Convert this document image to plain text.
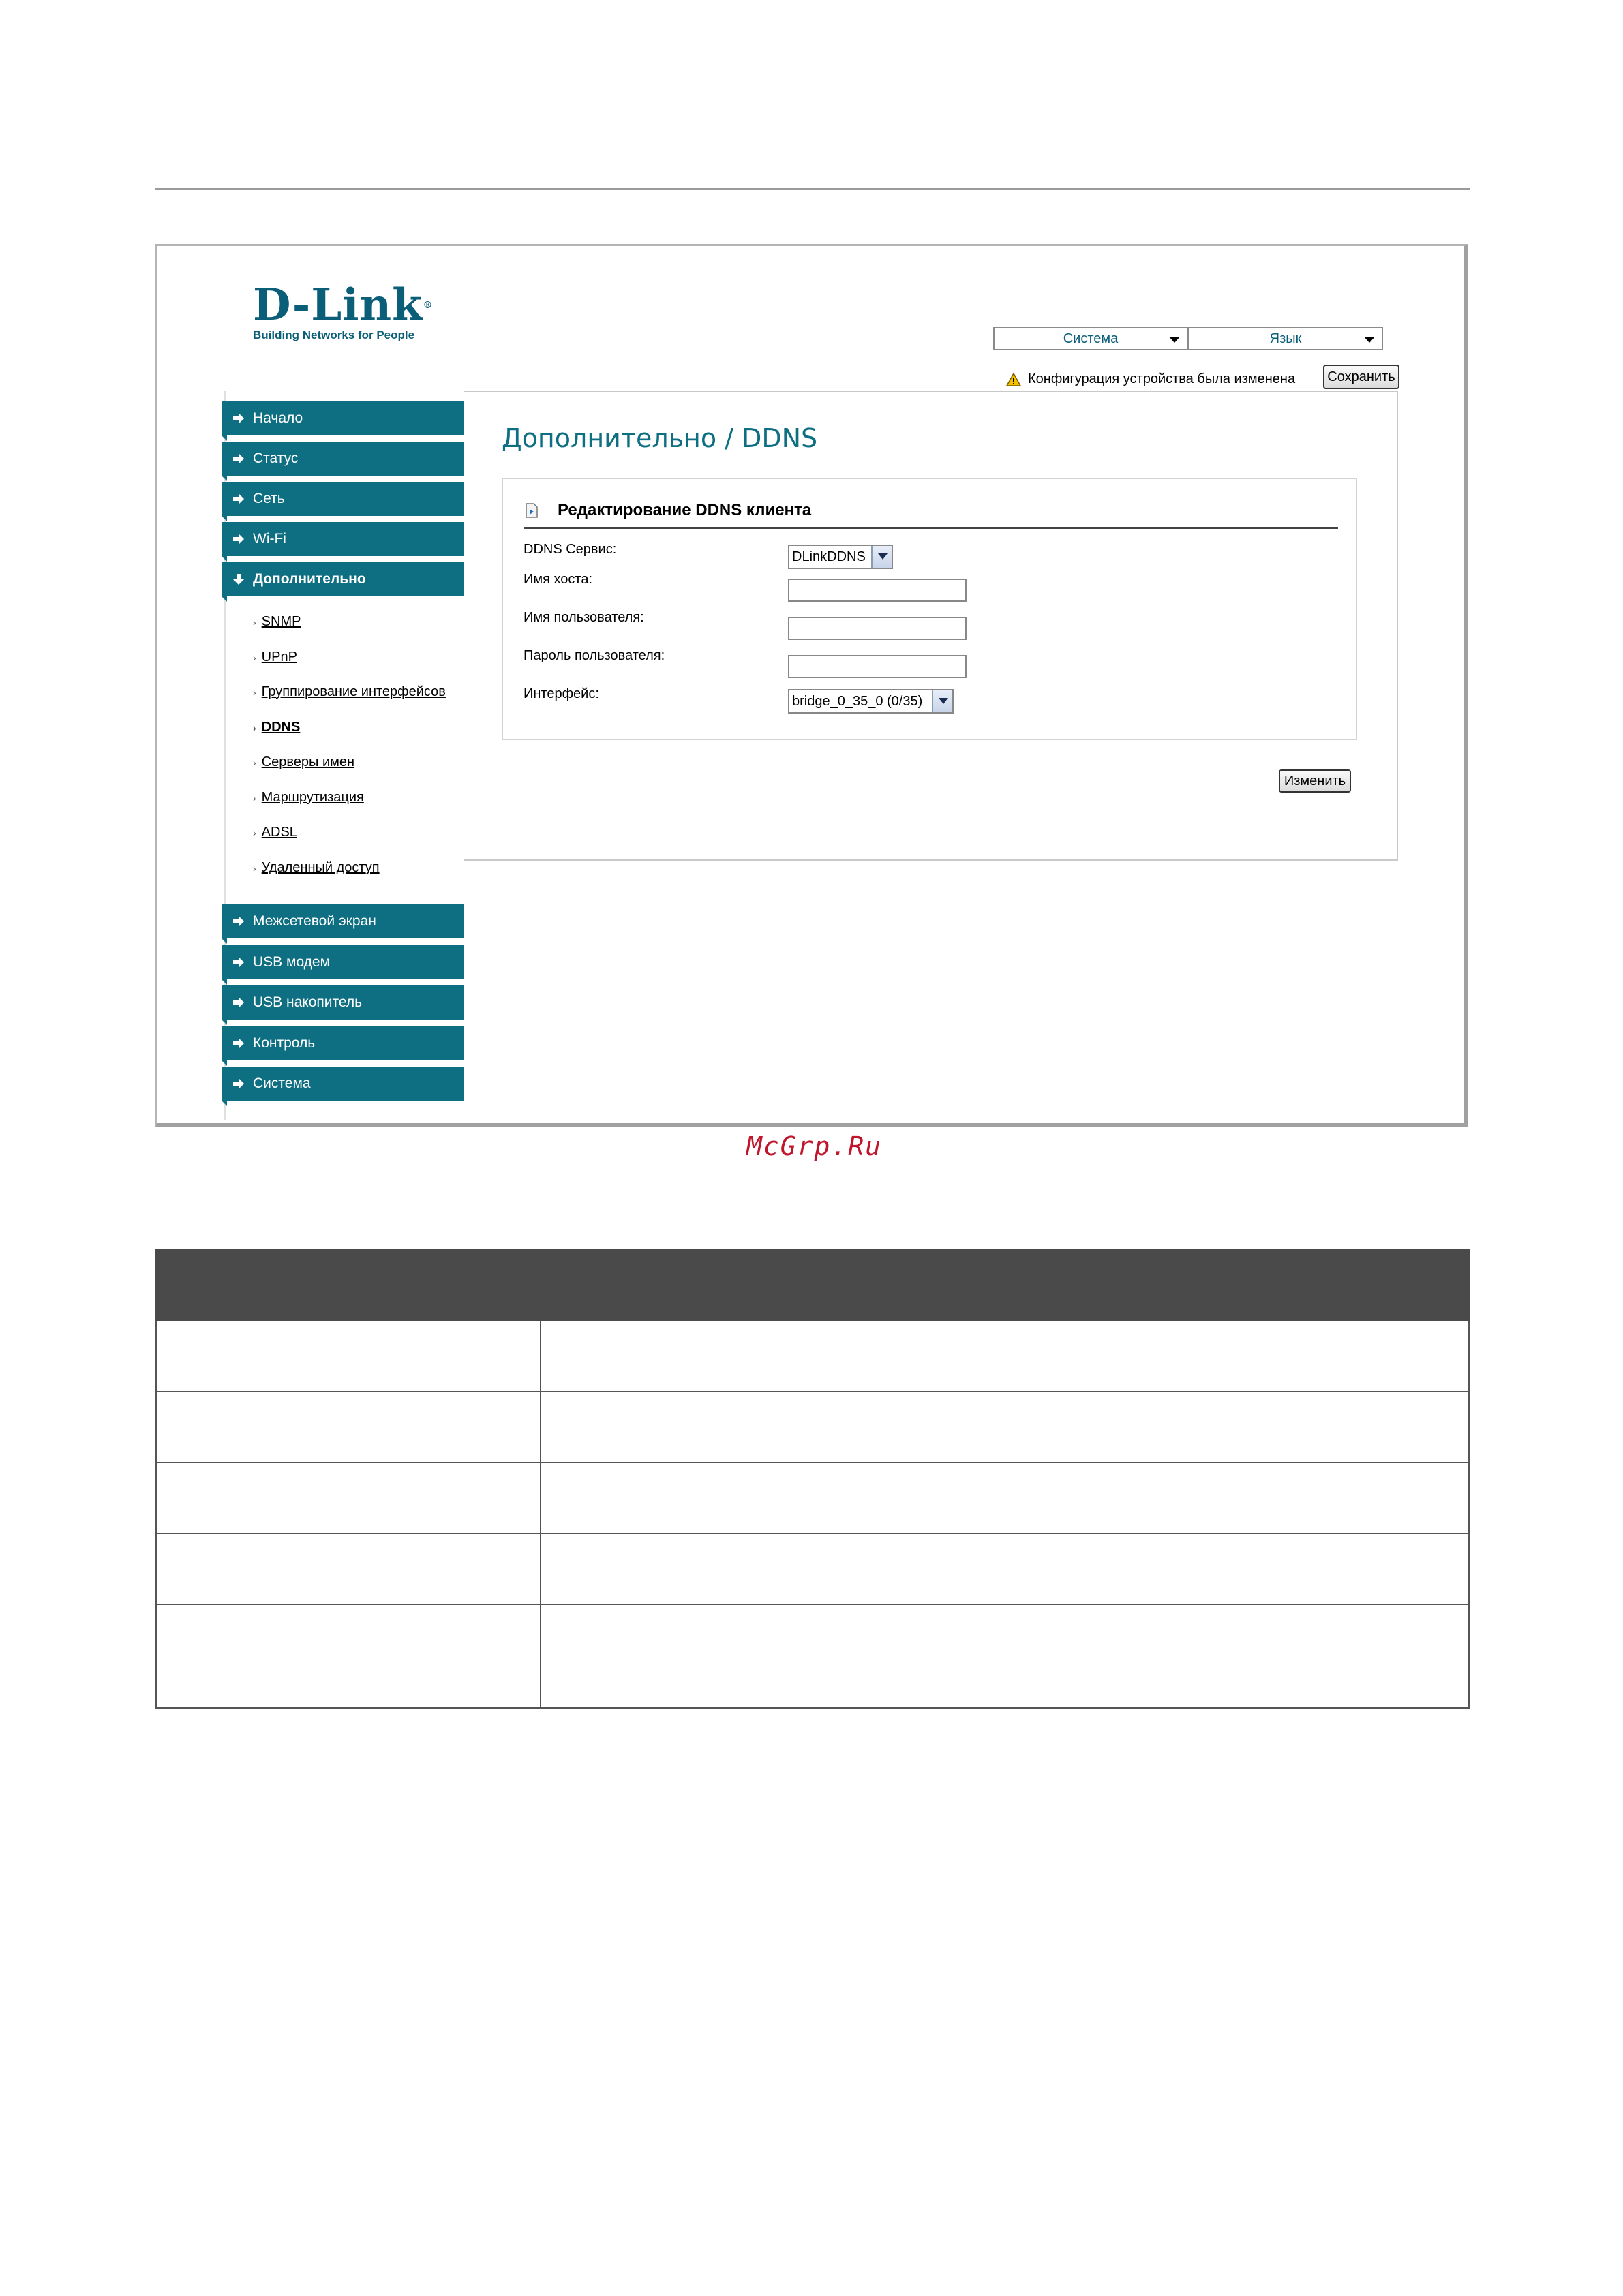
D-Link®
Building Networks for People	Система	Язык
Конфигурация устройства была изменена	Сохранить
Начало
Статус
Сеть
Wi-Fi
Дополнительно
› SNMP
› UPnP
› Группирование интерфейсов
› DDNS
› Серверы имен
› Маршрутизация
› ADSL
› Удаленный доступ
Межсетевой экран
USB модем
USB накопитель
Контроль
Система
Дополнительно / DDNS
Редактирование DDNS клиента
DDNS Сервис:	DLinkDDNS
Имя хоста:
Имя пользователя:
Пароль пользователя:
Интерфейс:	bridge_0_35_0 (0/35)
Изменить
McGrp.Ru
